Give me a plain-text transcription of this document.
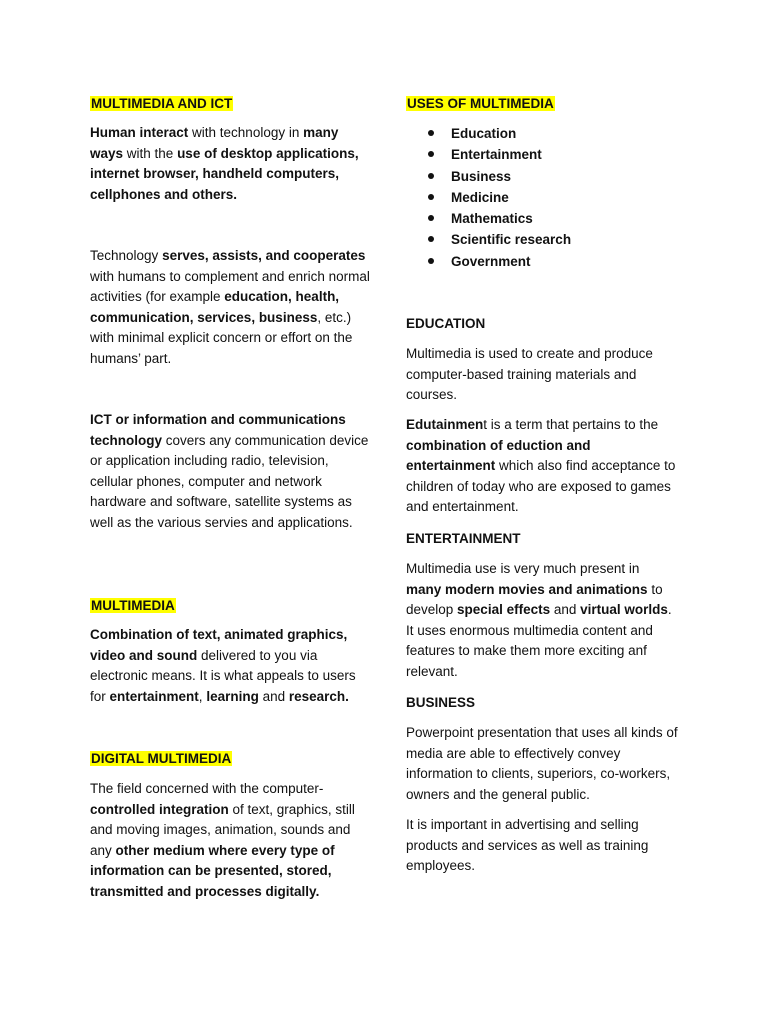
MULTIMEDIA AND ICT
Human interact with technology in many ways with the use of desktop applications, internet browser, handheld computers, cellphones and others.
Technology serves, assists, and cooperates with humans to complement and enrich normal activities (for example education, health, communication, services, business, etc.) with minimal explicit concern or effort on the humans’ part.
ICT or information and communications technology covers any communication device or application including radio, television, cellular phones, computer and network hardware and software, satellite systems as well as the various servies and applications.
MULTIMEDIA
Combination of text, animated graphics, video and sound delivered to you via electronic means. It is what appeals to users for entertainment, learning and research.
DIGITAL MULTIMEDIA
The field concerned with the computer-controlled integration of text, graphics, still and moving images, animation, sounds and any other medium where every type of information can be presented, stored, transmitted and processes digitally.
USES OF MULTIMEDIA
Education
Entertainment
Business
Medicine
Mathematics
Scientific research
Government
EDUCATION
Multimedia is used to create and produce computer-based training materials and courses.
Edutainment is a term that pertains to the combination of eduction and entertainment which also find acceptance to children of today who are exposed to games and entertainment.
ENTERTAINMENT
Multimedia use is very much present in many modern movies and animations to develop special effects and virtual worlds. It uses enormous multimedia content and features to make them more exciting anf relevant.
BUSINESS
Powerpoint presentation that uses all kinds of media are able to effectively convey information to clients, superiors, co-workers, owners and the general public.
It is important in advertising and selling products and services as well as training employees.
